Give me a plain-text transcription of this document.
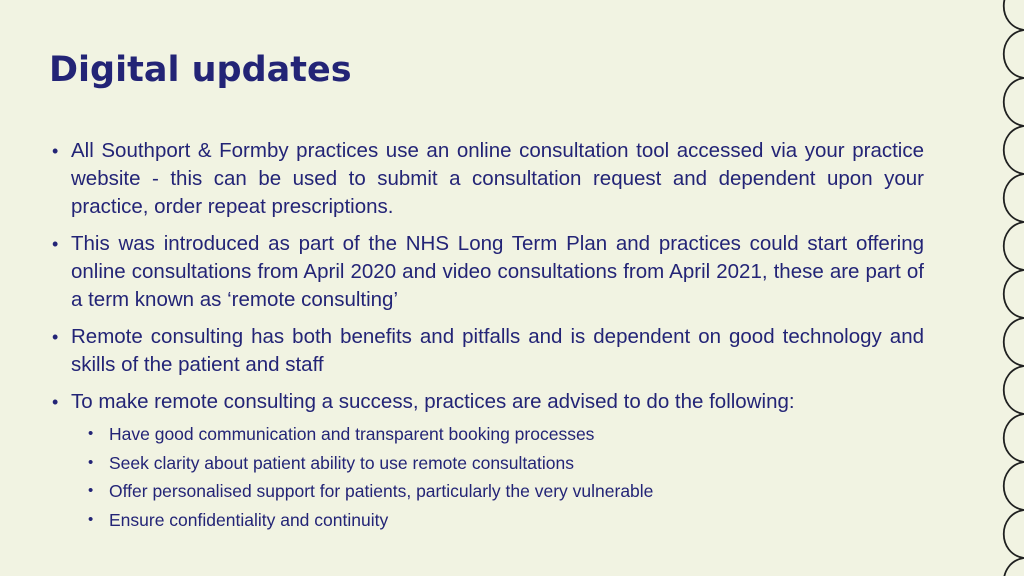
Digital updates
• All Southport & Formby practices use an online consultation tool accessed via your practice website - this can be used to submit a consultation request and dependent upon your practice, order repeat prescriptions.
• This was introduced as part of the NHS Long Term Plan and practices could start offering online consultations from April 2020 and video consultations from April 2021, these are part of a term known as ‘remote consulting’
• Remote consulting has both benefits and pitfalls and is dependent on good technology and skills of the patient and staff
• To make remote consulting a success, practices are advised to do the following:
• Have good communication and transparent booking processes
• Seek clarity about patient ability to use remote consultations
• Offer personalised support for patients, particularly the very vulnerable
• Ensure confidentiality and continuity
